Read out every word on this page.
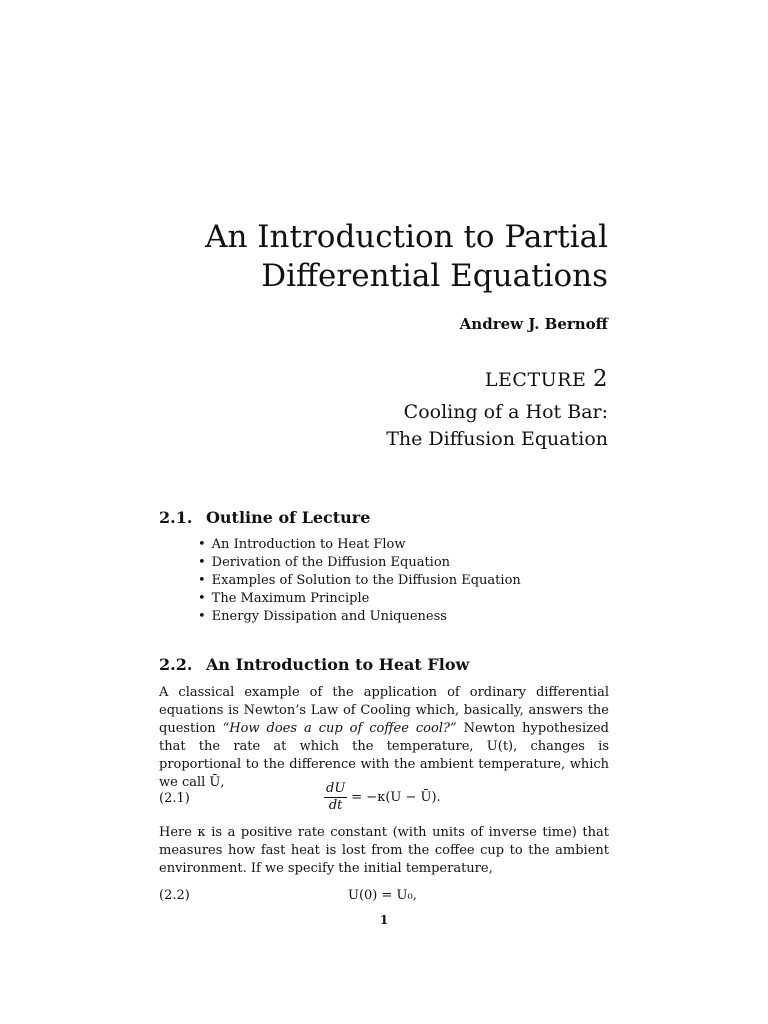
An Introduction to Partial
Differential Equations
Andrew J. Bernoff
LECTURE 2
Cooling of a Hot Bar:
The Diffusion Equation
2.1. Outline of Lecture
• An Introduction to Heat Flow
• Derivation of the Diffusion Equation
• Examples of Solution to the Diffusion Equation
• The Maximum Principle
• Energy Dissipation and Uniqueness
2.2. An Introduction to Heat Flow

A classical example of the application of ordinary differential equations is Newton’s Law of Cooling which, basically, answers the question “How does a cup of coffee cool?” Newton hypothesized that the rate at which the temperature, U(t), changes is proportional to the difference with the ambient temperature, which we call Ū,

(2.1)	$\frac{dU}{dt} = -\kappa(U$ − Ū).

Here κ is a positive rate constant (with units of inverse time) that measures how fast heat is lost from the coffee cup to the ambient environment. If we specify the initial temperature,

(2.2)	U(0) = U₀,
1
